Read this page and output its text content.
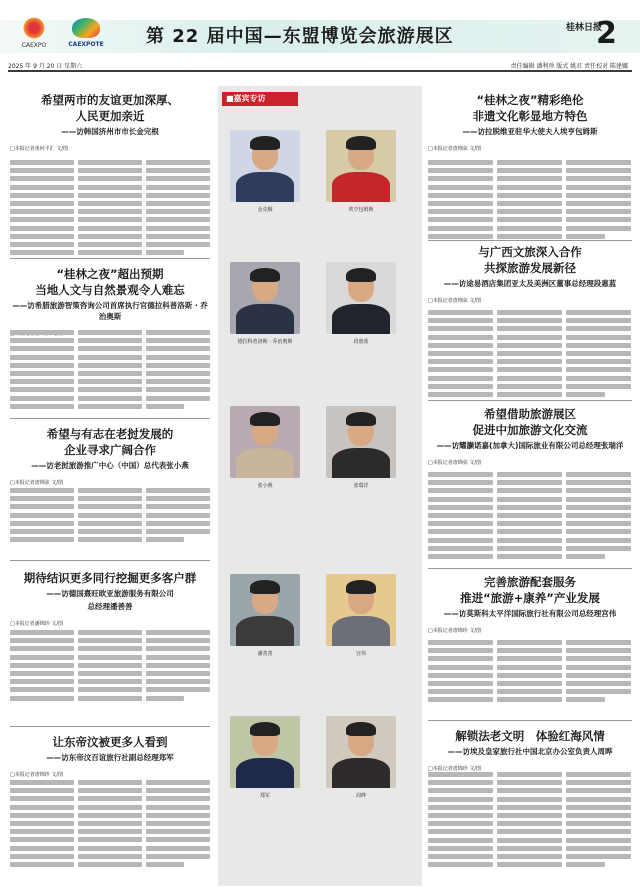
CAEXPO	CAEXPOTE	第 22 届中国—东盟博览会旅游展区	桂林日报
2
2025 年 9 月 20 日 星期六	责任编辑 潘利珍 版式 姚君 责任校对 陈建娜
■嘉宾专访
金克桐	埃亨包姆斯
德拉科普洛斯 · 乔治奥斯	段惠蓝
张小燕	张瑞洋
潘善善	宫伟
郑军	周晔
希望两市的友谊更加深厚、
人民更加亲近
——访韩国济州市市长金完根
□本报记者黄何平汇 文/图
“桂林之夜”超出预期
当地人文与自然景观令人难忘
——访希腊旅游智策咨询公司首席执行官德拉科普洛斯 · 乔治奥斯
希望与有志在老挝发展的
企业寻求广阔合作
——访老挝旅游推广中心（中国）总代表张小燕
□本报记者唐锦弦 文/图
期待结识更多同行挖掘更多客户群
——访德国熹旺欧亚旅游服务有限公司
总经理潘善善
□本报记者潘锦珍 文/图
让东帝汶被更多人看到
——访东帝汶百谊旅行社副总经理郑军
□本报记者唐锦珍 文/图
“桂林之夜”精彩绝伦
非遗文化彰显地方特色
——访拉脱维亚驻华大使夫人埃亨包姆斯
□本报记者唐锦弦 文/图
与广西文旅深入合作
共探旅游发展新径
——访途易酒店集团亚太及美洲区董事总经理段惠蓝
□本报记者唐锦弦 文/图
希望借助旅游展区
促进中加旅游文化交流
——访耀灏诺嘉(加拿大)国际旅业有限公司总经理张瑞洋
□本报记者唐锦弦 文/图
完善旅游配套服务
推进“旅游+康养”产业发展
——访莫斯科太平洋国际旅行社有限公司总经理宫伟
□本报记者唐锦珍 文/图
解锁法老文明　体验红海风情
——访埃及皇家旅行社中国北京办公室负责人周晔
□本报记者唐锦珍 文/图
